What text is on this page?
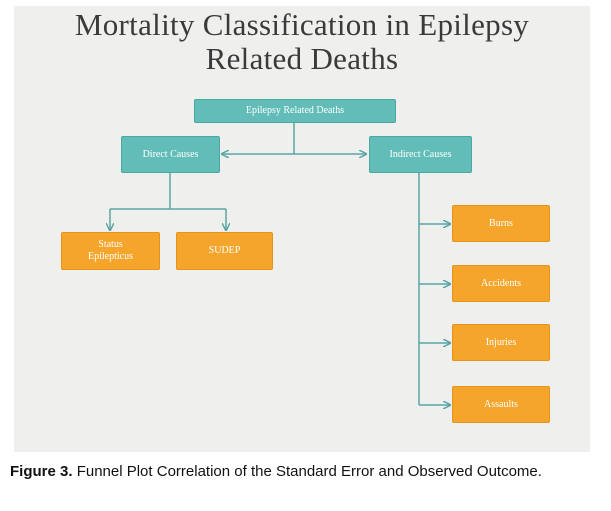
Mortality Classification in Epilepsy
Related Deaths
Epilepsy Related Deaths
Direct Causes	Indirect Causes
Status Epilepticus
SUDEP
Burns
Accidents
Injuries
Assaults
Figure 3. Funnel Plot Correlation of the Standard Error and Observed Outcome.
